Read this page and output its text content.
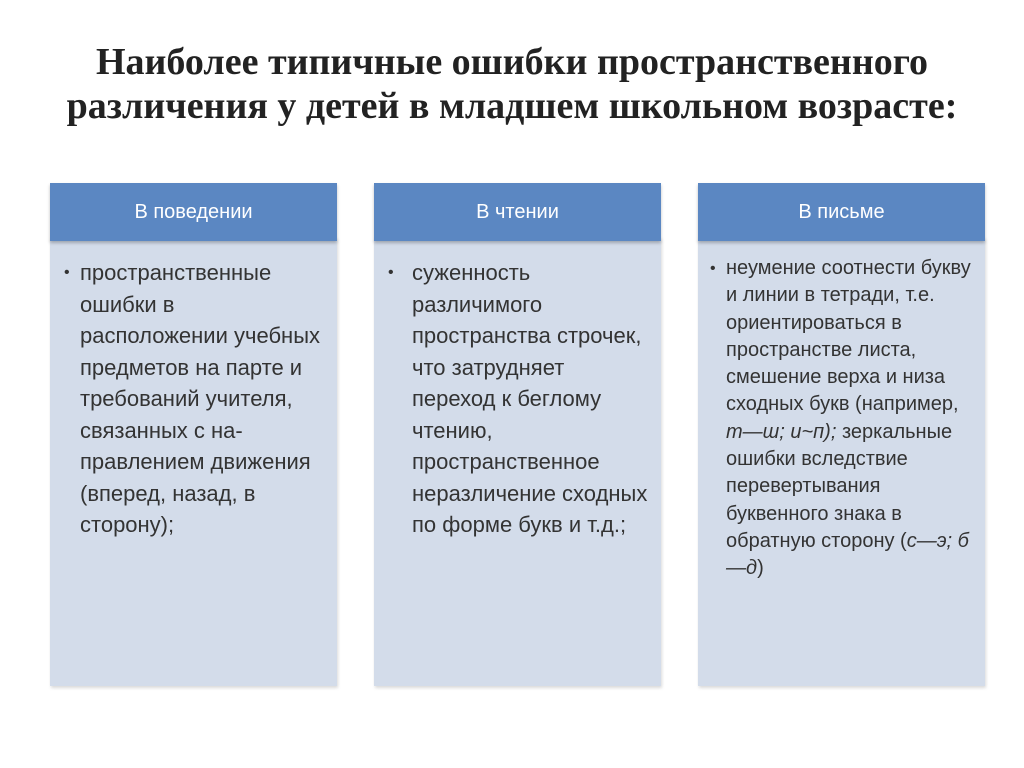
Наиболее типичные ошибки пространственного различения у детей в младшем школьном возрасте:
В поведении
• пространственные ошибки в расположении учебных предметов на парте и требований учителя, связанных с на-правлением движения (вперед, назад, в сторону);
В чтении
• суженность различимого пространства строчек, что затрудняет переход к беглому чтению, пространственное неразличение сходных по форме букв и т.д.;
В письме
• неумение соотнести букву и линии в тетради, т.е. ориентироваться в пространстве листа, смешение верха и низа сходных букв (например, т—ш; и~п); зеркальные ошибки вследствие перевертывания буквенного знака в обратную сторону (с—э; б—д)
